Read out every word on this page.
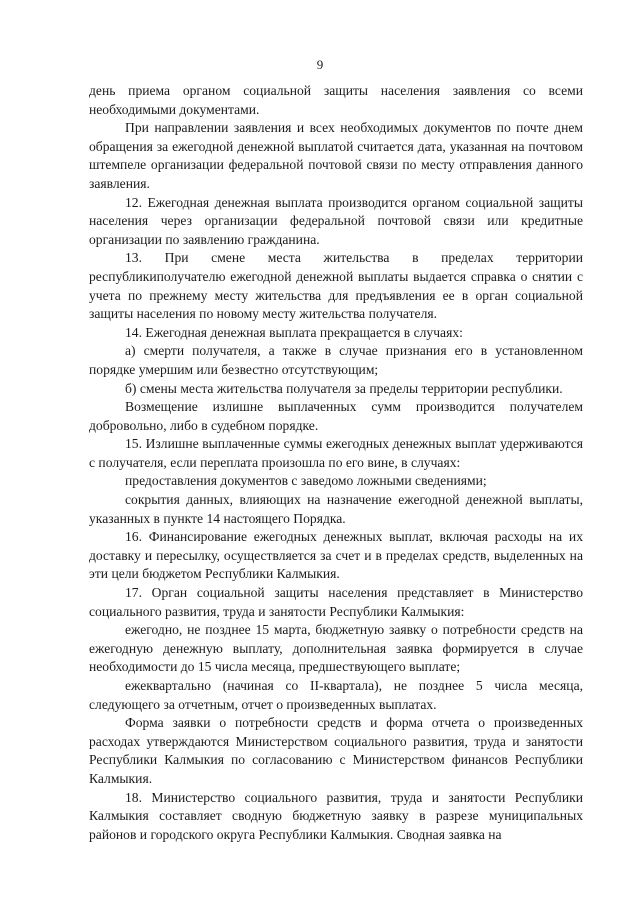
9

день приема органом социальной защиты населения заявления со всеми необходимыми документами.

При направлении заявления и всех необходимых документов по почте днем обращения за ежегодной денежной выплатой считается дата, указанная на почтовом штемпеле организации федеральной почтовой связи по месту отправления данного заявления.

12. Ежегодная денежная выплата производится органом социальной защиты населения через организации федеральной почтовой связи или кредитные организации по заявлению гражданина.

13. При смене места жительства в пределах территории республикиполучателю ежегодной денежной выплаты выдается справка о снятии с учета по прежнему месту жительства для предъявления ее в орган социальной защиты населения по новому месту жительства получателя.

14. Ежегодная денежная выплата прекращается в случаях:

а) смерти получателя, а также в случае признания его в установленном порядке умершим или безвестно отсутствующим;

б) смены места жительства получателя за пределы территории республики.

Возмещение излишне выплаченных сумм производится получателем добровольно, либо в судебном порядке.

15. Излишне выплаченные суммы ежегодных денежных выплат удерживаются с получателя, если переплата произошла по его вине, в случаях:

предоставления документов с заведомо ложными сведениями;

сокрытия данных, влияющих на назначение ежегодной денежной выплаты, указанных в пункте 14 настоящего Порядка.

16. Финансирование ежегодных денежных выплат, включая расходы на их доставку и пересылку, осуществляется за счет и в пределах средств, выделенных на эти цели бюджетом Республики Калмыкия.

17. Орган социальной защиты населения представляет в Министерство социального развития, труда и занятости Республики Калмыкия:

ежегодно, не позднее 15 марта, бюджетную заявку о потребности средств на ежегодную денежную выплату, дополнительная заявка формируется в случае необходимости до 15 числа месяца, предшествующего выплате;

ежеквартально (начиная со II-квартала), не позднее 5 числа месяца, следующего за отчетным, отчет о произведенных выплатах.

Форма заявки о потребности средств и форма отчета о произведенных расходах утверждаются Министерством социального развития, труда и занятости Республики Калмыкия по согласованию с Министерством финансов Республики Калмыкия.

18. Министерство социального развития, труда и занятости Республики Калмыкия составляет сводную бюджетную заявку в разрезе муниципальных районов и городского округа Республики Калмыкия. Сводная заявка на
